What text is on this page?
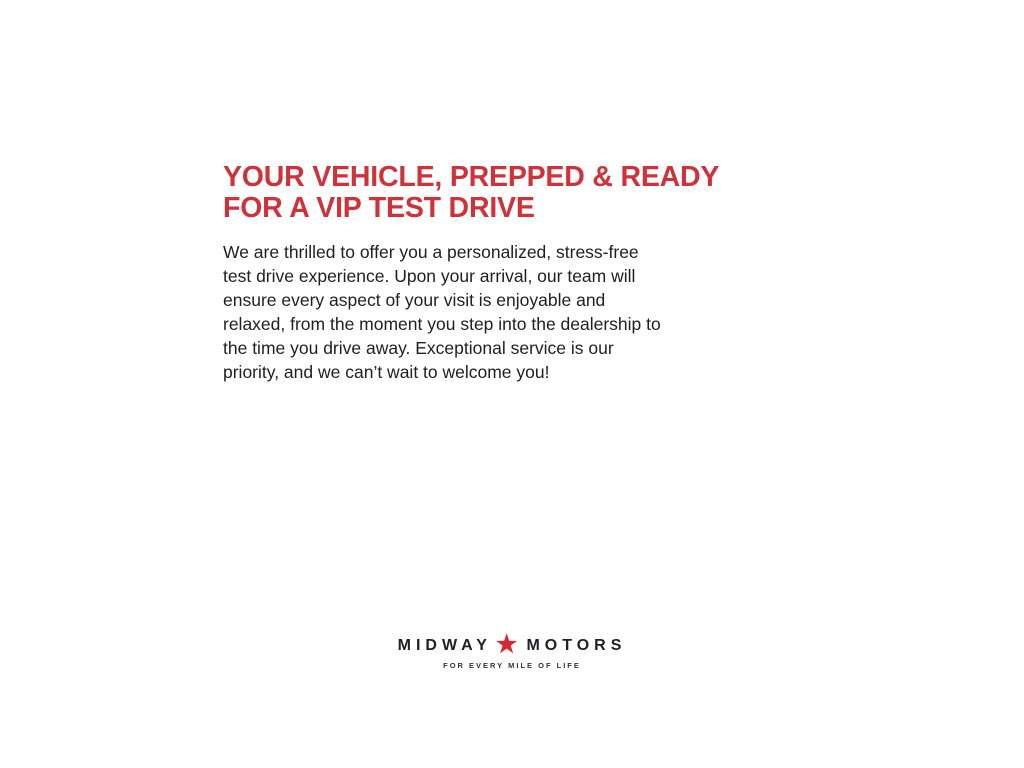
YOUR VEHICLE, PREPPED & READY
FOR A VIP TEST DRIVE
We are thrilled to offer you a personalized, stress-free
test drive experience. Upon your arrival, our team will
ensure every aspect of your visit is enjoyable and
relaxed, from the moment you step into the dealership to
the time you drive away. Exceptional service is our
priority, and we can’t wait to welcome you!
MIDWAY ★ MOTORS
FOR EVERY MILE OF LIFE
